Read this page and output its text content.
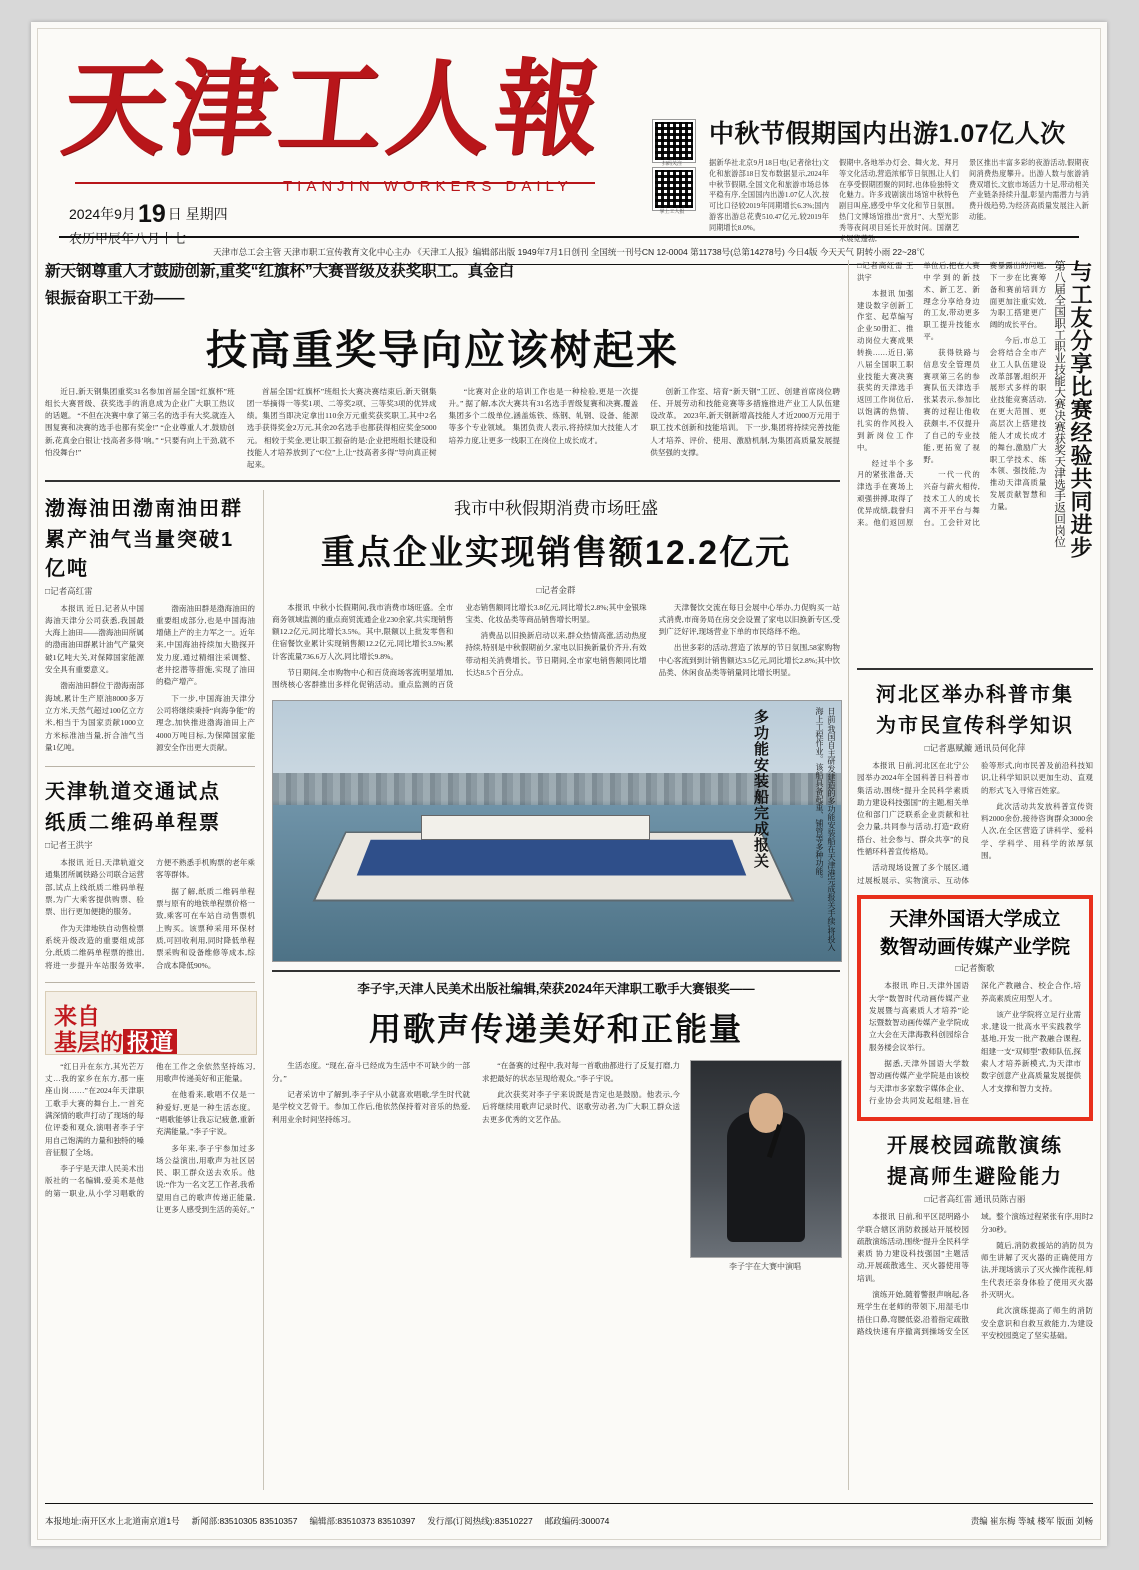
天津工人報
TIANJIN WORKERS DAILY
2024年9月19 日 星期四
农历甲辰年八月十七
扫码关注
掌上工人报
中秋节假期国内出游1.07亿人次
据新华社北京9月18日电(记者徐壮)文化和旅游部18日发布数据显示,2024年中秋节假期,全国文化和旅游市场总体平稳有序,全国国内出游1.07亿人次,按可比口径较2019年同期增长6.3%;国内游客出游总花费510.47亿元,较2019年同期增长8.0%。
假期中,各地举办灯会、舞火龙、拜月等文化活动,营造浓郁节日氛围,让人们在享受假期团聚的同时,也体验独特文化魅力。许多戏剧演出场馆中秋特色剧目叫座,感受中华文化和节日氛围。热门文博场馆推出“赏月”、大型光影秀等夜间项目延长开放时间。国潮艺术展览蓬勃,
景区推出丰富多彩的夜游活动,假期夜间消费热度攀升。出游人数与旅游消费双增长,文旅市场活力十足,带动相关产业链条持续升温,彰显内需潜力与消费升级趋势,为经济高质量发展注入新动能。
天津市总工会主管 天津市职工宣传教育文化中心主办 《天津工人报》编辑部出版 1949年7月1日创刊 全国统一刊号CN 12-0004 第11738号(总第14278号) 今日4版 今天天气 阴转小雨 22~28℃
新天钢尊重人才鼓励创新,重奖“红旗杯”大赛晋级及获奖职工。真金白
银振奋职工干劲——
技高重奖导向应该树起来

近日,新天钢集团重奖31名参加首届全国“红旗杯”班组长大赛晋级、获奖选手的消息成为企业广大职工热议的话题。 “不但在决赛中拿了第三名的选手有大奖,就连入围复赛和决赛的选手也都有奖金!” “企业尊重人才,鼓励创新,花真金白银让‘技高者多得’响。” “只要有向上干劲,就不怕没舞台!”

首届全国“红旗杯”班组长大赛决赛结束后,新天钢集团一举摘得一等奖1项、二等奖2项、三等奖3项的优异成绩。集团当即决定拿出110余万元重奖获奖职工,其中2名选手获得奖金2万元,其余20名选手也都获得相应奖金5000元。 相较于奖金,更让职工振奋的是:企业把班组长建设和技能人才培养放到了“C位”上,让“技高者多得”导向真正树起来。

“比赛对企业的培训工作也是一种检验,更是一次提升。” 据了解,本次大赛共有31名选手晋级复赛和决赛,覆盖集团多个二级单位,涵盖炼铁、炼钢、轧钢、设备、能源等多个专业领域。 集团负责人表示,将持续加大技能人才培养力度,让更多一线职工在岗位上成长成才。

创新工作室、培育“新天钢”工匠、创建首席岗位聘任、开展劳动和技能竞赛等多措施推进产业工人队伍建设改革。 2023年,新天钢新增高技能人才近2000万元用于职工技术创新和技能培训。 下一步,集团将持续完善技能人才培养、评价、使用、激励机制,为集团高质量发展提供坚强的支撑。

渤海油田渤南油田群
累产油气当量突破1亿吨
□记者高红雷

本报讯 近日,记者从中国海油天津分公司获悉,我国最大海上油田——渤海油田所属的渤南油田群累计油气产量突破1亿吨大关,对保障国家能源安全具有重要意义。

渤南油田群位于渤海南部海域,累计生产原油8000多万立方米,天然气超过100亿立方米,相当于为国家贡献1000立方米标准油当量,折合油气当量1亿吨。

渤南油田群是渤海油田的重要组成部分,也是中国海油增储上产的主力军之一。近年来,中国海油持续加大勘探开发力度,通过精细注采调整、老井挖潜等措施,实现了油田的稳产增产。

下一步,中国海油天津分公司将继续秉持“向海争能”的理念,加快推进渤海油田上产4000万吨目标,为保障国家能源安全作出更大贡献。

天津轨道交通试点
纸质二维码单程票
□记者王洪宇

本报讯 近日,天津轨道交通集团所属铁路公司联合运营部,试点上线纸质二维码单程票,为广大乘客提供购票、验票、出行更加便捷的服务。

作为天津地铁自动售检票系统升级改造的重要组成部分,纸质二维码单程票的推出,将进一步提升车站服务效率,方便不熟悉手机购票的老年乘客等群体。

据了解,纸质二维码单程票与原有的地铁单程票价格一致,乘客可在车站自动售票机上购买。该票种采用环保材质,可回收利用,同时降低单程票采购和设备维修等成本,综合成本降低90%。

来自
基层的 报道

“红日升在东方,其光芒万丈…我的家乡在东方,那一座座山岗……”在2024年天津职工歌手大赛的舞台上,一首充满深情的歌声打动了现场的每位评委和观众,演唱者李子宇用自己饱满的力量和独特的嗓音征服了全场。

李子宇是天津人民美术出版社的一名编辑,爱美术是他的第一职业,从小学习唱歌的他在工作之余依然坚持练习,用歌声传递美好和正能量。

在他看来,歌唱不仅是一种爱好,更是一种生活态度。“唱歌能够让我忘记疲惫,重新充满能量。”李子宇说。

多年来,李子宇参加过多场公益演出,用歌声为社区居民、职工群众送去欢乐。他说:“作为一名文艺工作者,我希望用自己的歌声传递正能量,让更多人感受到生活的美好。”

我市中秋假期消费市场旺盛
重点企业实现销售额12.2亿元
□记者金群

本报讯 中秋小长假期间,我市消费市场旺盛。全市商务领域监测的重点商贸流通企业230余家,共实现销售额12.2亿元,同比增长3.5%。其中,限额以上批发零售和住宿餐饮业累计实现销售额12.2亿元,同比增长3.5%;累计客流量736.6万人次,同比增长9.8%。

节日期间,全市购物中心和百货商场客流明显增加,围绕核心客群推出多样化促销活动。重点监测的百货业态销售额同比增长3.8亿元,同比增长2.8%;其中金银珠宝类、化妆品类等商品销售增长明显。

消费品以旧换新启动以来,群众热情高涨,活动热度持续,特别是中秋假期前夕,家电以旧换新量价齐升,有效带动相关消费增长。节日期间,全市家电销售额同比增长达8.5个百分点。

天津餐饮交流在每日会展中心举办,力促购买一站式消费,市商务局在房交会设置了家电以旧换新专区,受到广泛好评,现场营业下单的市民络绎不绝。

出世多彩的活动,营造了浓厚的节日氛围,58家购物中心客流到到计销售额达3.5亿元,同比增长2.8%;其中饮品类、休闲食品类等销量同比增长明显。

多功能安装船完成报关	日前,我国自主研发建造的多功能安装船在天津港完成报关手续,将投入海上工程作业。该船具备起重、铺管等多种功能。
李子宇,天津人民美术出版社编辑,荣获2024年天津职工歌手大赛银奖——
用歌声传递美好和正能量

生活态度。“现在,奋斗已经成为生活中不可缺少的一部分。”

记者采访中了解到,李子宇从小就喜欢唱歌,学生时代就是学校文艺骨干。参加工作后,他依然保持着对音乐的热爱,利用业余时间坚持练习。

“在备赛的过程中,我对每一首歌曲都进行了反复打磨,力求把最好的状态呈现给观众。”李子宇说。

此次获奖对李子宇来说既是肯定也是鼓励。他表示,今后将继续用歌声记录时代、讴歌劳动者,为广大职工群众送去更多优秀的文艺作品。

李子宇在大赛中演唱
与工友分享比赛经验共同进步
第八届全国职工职业技能大赛决赛获奖天津选手返回岗位

□记者高红雷 王洪宇

本报讯 加强建设数字创新工作室、起草编写企业50册汇、推动岗位大赛成果转换……近日,第八届全国职工职业技能大赛决赛获奖的天津选手返回工作岗位后,以饱满的热情、扎实的作风投入到新岗位工作中。

经过半个多月的紧张准备,天津选手在赛场上顽强拼搏,取得了优异成绩,载誉归来。他们返回原单位后,把在大赛中学到的新技术、新工艺、新理念分享给身边的工友,带动更多职工提升技能水平。

获得铁路与信息安全管理员赛项第三名的参赛队伍天津选手张某表示,参加比赛的过程让他收获颇丰,不仅提升了自己的专业技能,更拓宽了视野。

一代一代的兴奋与薪火相传,技术工人的成长离不开平台与舞台。工会针对比赛暴露出的问题,下一步在比赛筹备和赛前培训方面更加注重实效,为职工搭建更广阔的成长平台。

今后,市总工会将结合全市产业工人队伍建设改革部署,组织开展形式多样的职业技能竞赛活动,在更大范围、更高层次上搭建技能人才成长成才的舞台,激励广大职工学技术、练本领、强技能,为推动天津高质量发展贡献智慧和力量。

河北区举办科普市集
为市民宣传科学知识
□记者惠赋鏕 通讯员何化萍

本报讯 日前,河北区在北宁公园举办2024年全国科普日科普市集活动,围绕“提升全民科学素质 助力建设科技强国”的主题,相关单位和部门广泛联系企业贡献和社会力量,共同参与活动,打造“政府搭台、社会参与、群众共享”的良性循环科普宣传格局。

活动现场设置了多个展区,通过展板展示、实物演示、互动体验等形式,向市民普及前沿科技知识,让科学知识以更加生动、直观的形式飞入寻常百姓家。

此次活动共发放科普宣传资料2000余份,接待咨询群众3000余人次,在全区营造了讲科学、爱科学、学科学、用科学的浓厚氛围。

天津外国语大学成立
数智动画传媒产业学院
□记者衡歌

本报讯 昨日,天津外国语大学“数智时代动画传媒产业发展暨与高素质人才培养”论坛暨数智动画传媒产业学院成立大会在天津海教科创园综合服务楼会议举行。

据悉,天津外国语大学数智动画传媒产业学院是由该校与天津市多家数字媒体企业、行业协会共同发起组建,旨在深化产教融合、校企合作,培养高素质应用型人才。

该产业学院将立足行业需求,建设一批高水平实践教学基地,开发一批产教融合课程,组建一支“双师型”教师队伍,探索人才培养新模式,为天津市数字创意产业高质量发展提供人才支撑和智力支持。

开展校园疏散演练
提高师生避险能力
□记者高红雷 通讯员陈吉丽

本报讯 日前,和平区昆明路小学联合辖区消防救援站开展校园疏散演练活动,围绕“提升全民科学素质 协力建设科技强国”主题活动,开展疏散逃生、灭火器使用等培训。

演练开始,随着警报声响起,各班学生在老师的带领下,用湿毛巾捂住口鼻,弯腰低姿,沿着指定疏散路线快速有序撤离到操场安全区域。整个演练过程紧张有序,用时2分30秒。

随后,消防救援站的消防员为师生讲解了灭火器的正确使用方法,并现场演示了灭火操作流程,师生代表还亲身体验了使用灭火器扑灭明火。

此次演练提高了师生的消防安全意识和自救互救能力,为建设平安校园奠定了坚实基础。

本报地址:南开区水上北道南京道1号 新闻部:83510305 83510357 编辑部:83510373 83510397 发行部(订阅热线):83510227 邮政编码:300074	责编 崔东梅 等城 楼军 版面 刘畅
